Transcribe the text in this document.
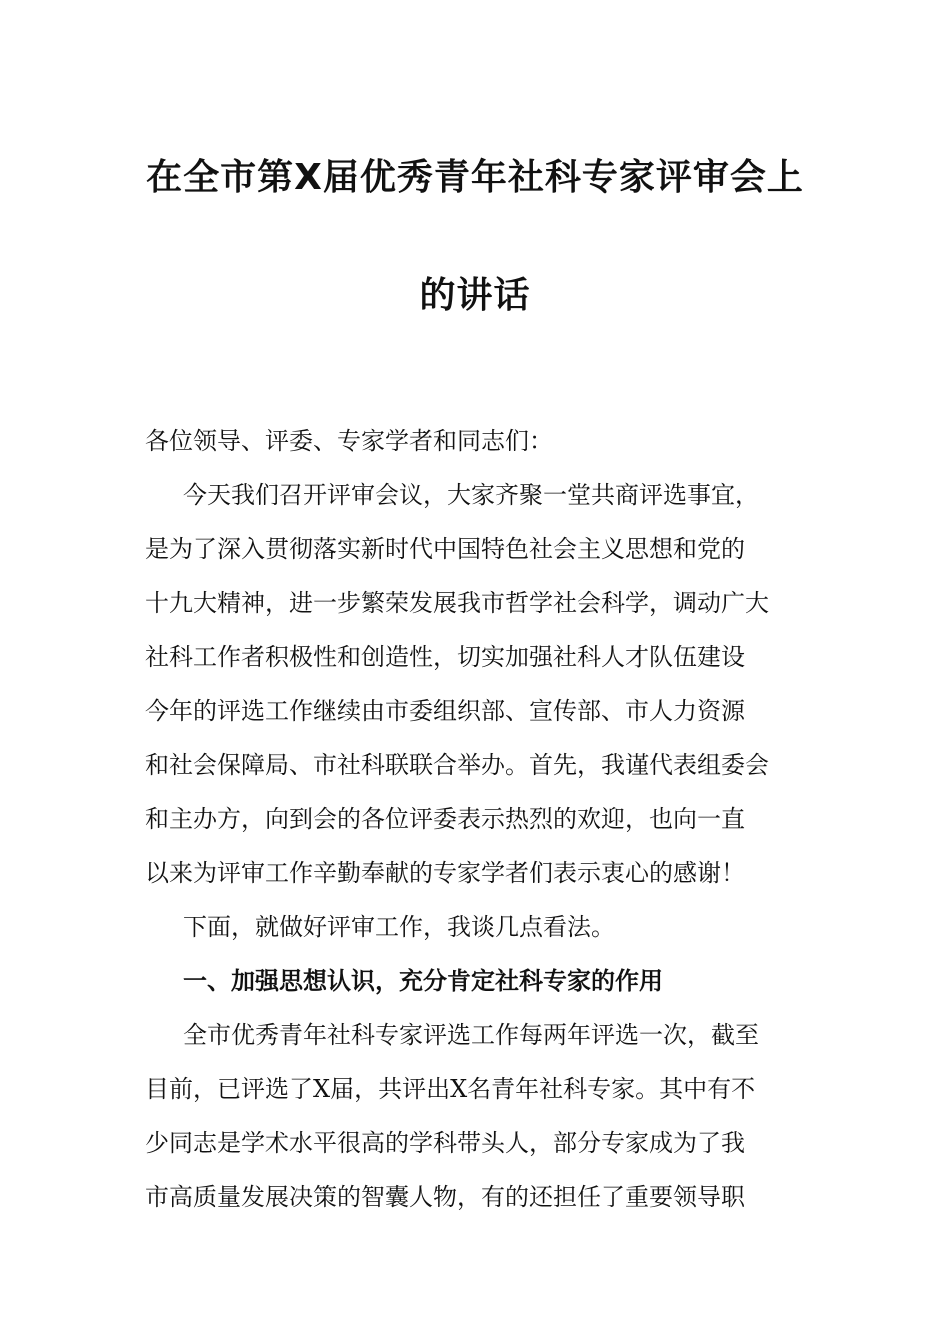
在全市第X届优秀青年社科专家评审会上
的讲话
各位领导、评委、专家学者和同志们：
今天我们召开评审会议，大家齐聚一堂共商评选事宜，
是为了深入贯彻落实新时代中国特色社会主义思想和党的
十九大精神，进一步繁荣发展我市哲学社会科学，调动广大
社科工作者积极性和创造性，切实加强社科人才队伍建设
今年的评选工作继续由市委组织部、宣传部、市人力资源
和社会保障局、市社科联联合举办。首先，我谨代表组委会
和主办方，向到会的各位评委表示热烈的欢迎，也向一直
以来为评审工作辛勤奉献的专家学者们表示衷心的感谢！
下面，就做好评审工作，我谈几点看法。
一、加强思想认识，充分肯定社科专家的作用
全市优秀青年社科专家评选工作每两年评选一次，截至
目前，已评选了X届，共评出X名青年社科专家。其中有不
少同志是学术水平很高的学科带头人，部分专家成为了我
市高质量发展决策的智囊人物，有的还担任了重要领导职
